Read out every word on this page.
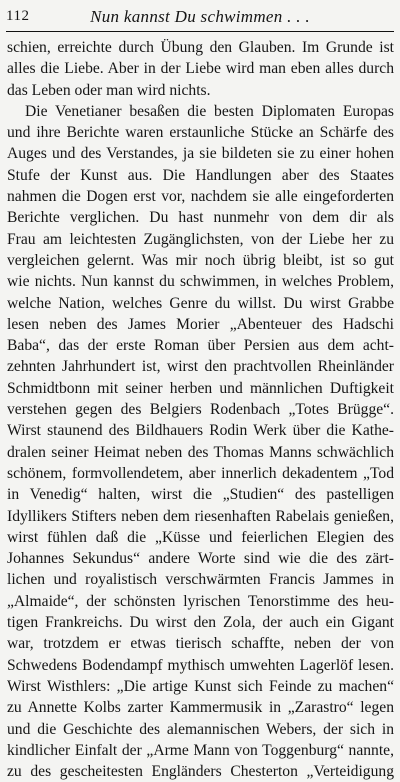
112	Nun kannst Du schwimmen . . .
schien, erreichte durch Übung den Glauben. Im Grunde ist
alles die Liebe. Aber in der Liebe wird man eben alles durch
das Leben oder man wird nichts.
Die Venetianer besaßen die besten Diplomaten Europas
und ihre Berichte waren erstaunliche Stücke an Schärfe des
Auges und des Verstandes, ja sie bildeten sie zu einer hohen
Stufe der Kunst aus. Die Handlungen aber des Staates
nahmen die Dogen erst vor, nachdem sie alle eingeforderten
Berichte verglichen. Du hast nunmehr von dem dir als
Frau am leichtesten Zugänglichsten, von der Liebe her zu
vergleichen gelernt. Was mir noch übrig bleibt, ist so gut
wie nichts. Nun kannst du schwimmen, in welches Problem,
welche Nation, welches Genre du willst. Du wirst Grabbe
lesen neben des James Morier „Abenteuer des Hadschi
Baba“, das der erste Roman über Persien aus dem acht-
zehnten Jahrhundert ist, wirst den prachtvollen Rheinländer
Schmidtbonn mit seiner herben und männlichen Duftigkeit
verstehen gegen des Belgiers Rodenbach „Totes Brügge“.
Wirst staunend des Bildhauers Rodin Werk über die Kathe-
dralen seiner Heimat neben des Thomas Manns schwächlich
schönem, formvollendetem, aber innerlich dekadentem „Tod
in Venedig“ halten, wirst die „Studien“ des pastelligen
Idyllikers Stifters neben dem riesenhaften Rabelais genießen,
wirst fühlen daß die „Küsse und feierlichen Elegien des
Johannes Sekundus“ andere Worte sind wie die des zärt-
lichen und royalistisch verschwärmten Francis Jammes in
„Almaide“, der schönsten lyrischen Tenorstimme des heu-
tigen Frankreichs. Du wirst den Zola, der auch ein Gigant
war, trotzdem er etwas tierisch schaffte, neben der von
Schwedens Bodendampf mythisch umwehten Lagerlöf lesen.
Wirst Wisthlers: „Die artige Kunst sich Feinde zu machen“
zu Annette Kolbs zarter Kammermusik in „Zarastro“ legen
und die Geschichte des alemannischen Webers, der sich in
kindlicher Einfalt der „Arme Mann von Toggenburg“ nannte,
zu des gescheitesten Engländers Chesterton „Verteidigung
